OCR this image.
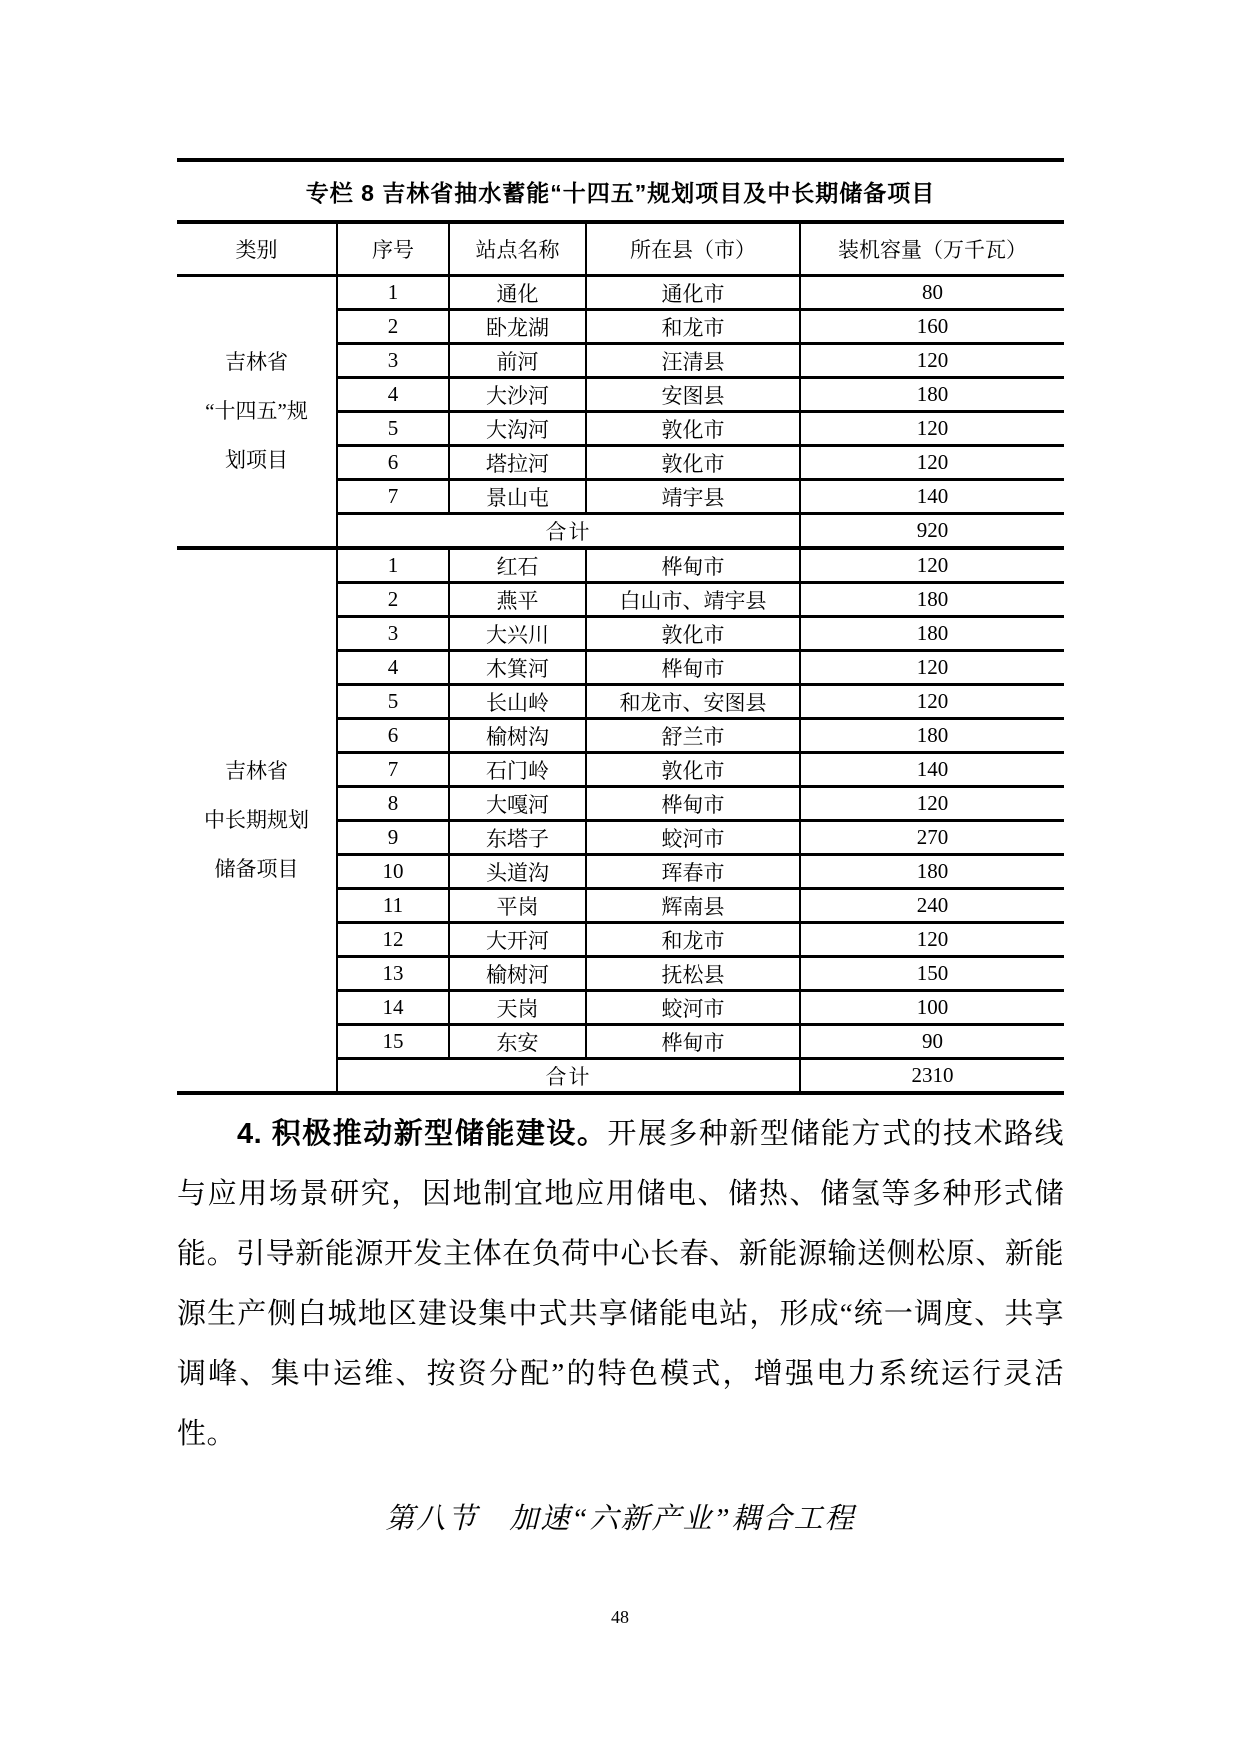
专栏 8 吉林省抽水蓄能“十四五”规划项目及中长期储备项目				
类别	序号	站点名称	所在县（市）	装机容量（万千瓦）

吉林省
“十四五”规
划项目	1	通化	通化市	80
	2	卧龙湖	和龙市	160
	3	前河	汪清县	120
	4	大沙河	安图县	180
	5	大沟河	敦化市	120
	6	塔拉河	敦化市	120
	7	景山屯	靖宇县	140
	合计			920

吉林省
中长期规划
储备项目	1	红石	桦甸市	120
	2	燕平	白山市、靖宇县	180
	3	大兴川	敦化市	180
	4	木箕河	桦甸市	120
	5	长山岭	和龙市、安图县	120
	6	榆树沟	舒兰市	180
	7	石门岭	敦化市	140
	8	大嘎河	桦甸市	120
	9	东塔子	蛟河市	270
	10	头道沟	珲春市	180
	11	平岗	辉南县	240
	12	大开河	和龙市	120
	13	榆树河	抚松县	150
	14	天岗	蛟河市	100
	15	东安	桦甸市	90
	合计			2310

4. 积极推动新型储能建设。开展多种新型储能方式的技术路线与应用场景研究，因地制宜地应用储电、储热、储氢等多种形式储能。引导新能源开发主体在负荷中心长春、新能源输送侧松原、新能源生产侧白城地区建设集中式共享储能电站，形成“统一调度、共享调峰、集中运维、按资分配”的特色模式，增强电力系统运行灵活性。

第八节　加速“六新产业”耦合工程
48
